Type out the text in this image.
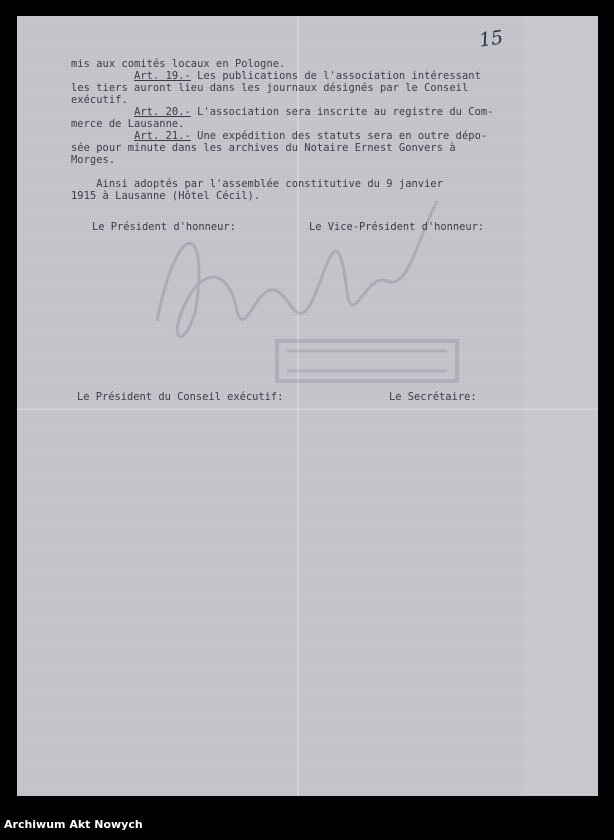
15
mis aux comités locaux en Pologne.
Art. 19.- Les publications de l'association intéressant
les tiers auront lieu dans les journaux désignés par le Conseil
exécutif.
Art. 20.- L'association sera inscrite au registre du Com-
merce de Lausanne.
Art. 21.- Une expédition des statuts sera en outre dépo-
sée pour minute dans les archives du Notaire Ernest Gonvers à
Morges.
Ainsi adoptés par l'assemblée constitutive du 9 janvier
1915 à Lausanne (Hôtel Cécil).
Le Président d'honneur:	Le Vice-Président d'honneur:
Le Président du Conseil exécutif:	Le Secrétaire:
Archiwum Akt Nowych
